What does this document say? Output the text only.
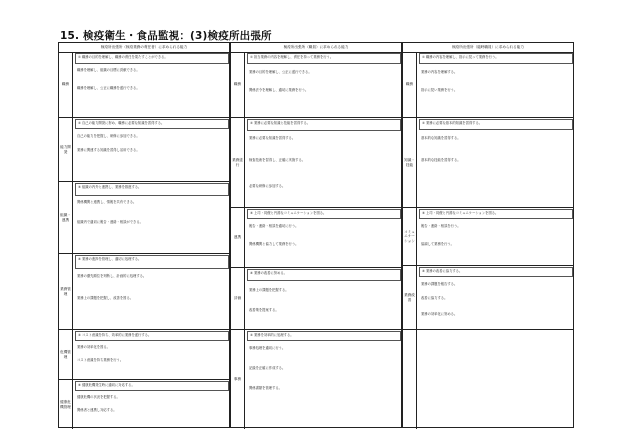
15. 検疫衛生・食品監視：(3)検疫所出張所
検疫所出張所（検疫業務の責任者）に求められる能力
職務
① 職務の目的を理解し、職務の責任を果たすことができる。
職務を理解し、組織の目標に貢献できる。
職務を理解し、公正に職務を遂行できる。
能力開発
② 自己の能力開発に努め、職務に必要な知識を習得する。
自己の能力を把握し、研修に参加できる。
業務に関連する知識を習得し活用できる。
組織・連携
③ 組織の内外と連携し、業務を推進する。
関係機関と連携し、情報を共有できる。
組織内で適切に報告・連絡・相談ができる。
業務管理
④ 業務の進捗を管理し、適切に処理する。
業務の優先順位を判断し、計画的に処理する。
業務上の課題を把握し、改善を図る。
危機管理
⑤ コスト意識を持ち、効率的に業務を遂行する。
業務の効率化を図る。
コスト意識を持ち業務を行う。
健康危機管理
⑥ 健康危機発生時に適切に対応する。
健康危機の状況を把握する。
関係者と連携し対応する。
検疫所出張所（職員）に求められる能力
職務
① 担当業務の内容を理解し、責任を持って業務を行う。
業務の目的を理解し、公正に遂行できる。
関係法令を理解し、適切に業務を行う。
業務遂行
② 業務に必要な知識と技能を習得する。
業務に必要な知識を習得する。
検査技術を習得し、正確に実施する。
必要な研修に参加する。
連携
③ 上司・同僚と円滑なコミュニケーションを図る。
報告・連絡・相談を適切に行う。
関係機関と協力して業務を行う。
評価
④ 業務の改善に努める。
業務上の課題を把握する。
改善策を提案する。
事務
⑤ 業務を効率的に処理する。
事務処理を適切に行う。
記録を正確に作成する。
関係書類を管理する。
検疫所出張所（臨時職員）に求められる能力
職務
① 職務の内容を理解し、指示に従って業務を行う。
業務の内容を理解する。
指示に従い業務を行う。
知識・技能
② 業務に必要な基本的知識を習得する。
基本的な知識を習得する。
基本的な技能を習得する。
コミュニケーション
③ 上司・同僚と円滑なコミュニケーションを図る。
報告・連絡・相談を行う。
協調して業務を行う。
業務改善
④ 業務の改善に協力する。
業務の課題を報告する。
改善に協力する。
業務の効率化に努める。
